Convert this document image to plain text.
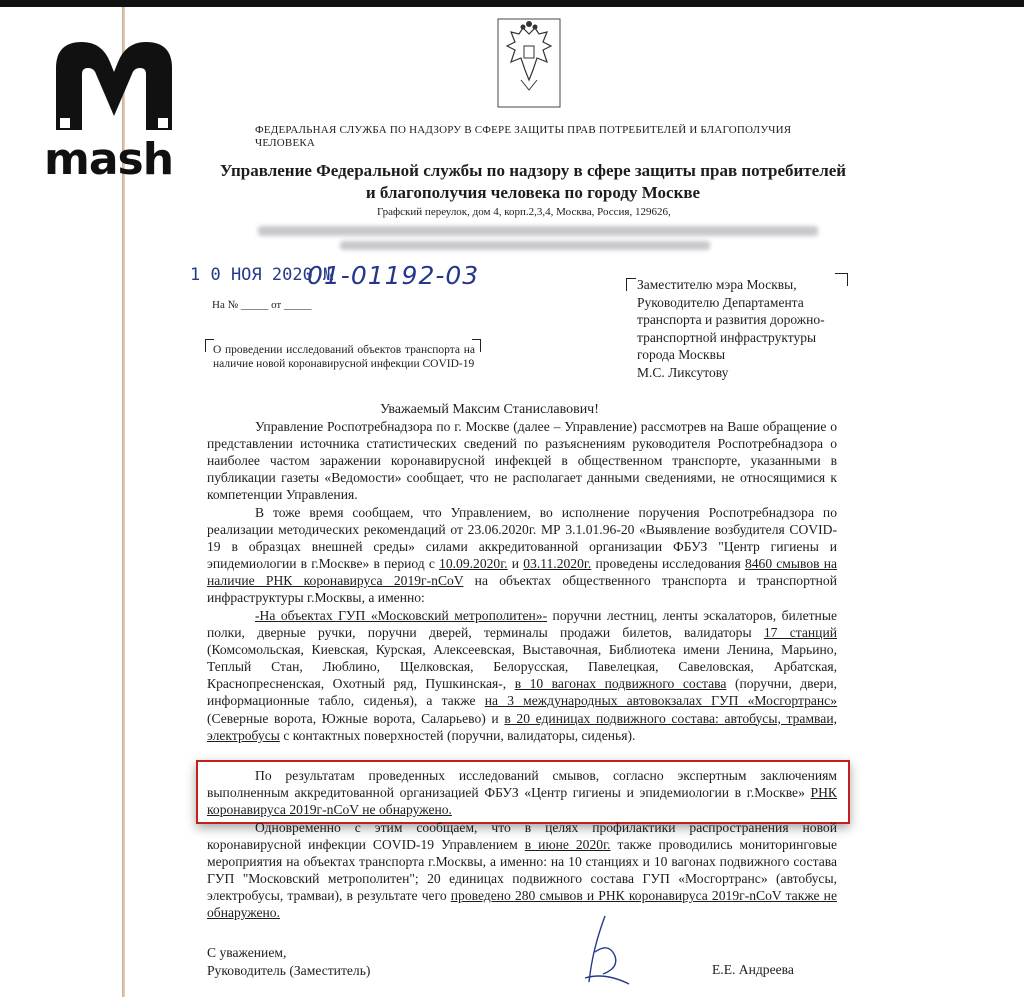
mash
ФЕДЕРАЛЬНАЯ СЛУЖБА ПО НАДЗОРУ В СФЕРЕ ЗАЩИТЫ ПРАВ ПОТРЕБИТЕЛЕЙ И БЛАГОПОЛУЧИЯ ЧЕЛОВЕКА
Управление Федеральной службы по надзору в сфере защиты прав потребителей и благополучия человека по городу Москве
Графский переулок, дом 4, корп.2,3,4, Москва, Россия, 129626,
1 0 НОЯ 2020 №
01-01192-03
На № _____ от _____
О проведении исследований объектов транспорта на наличие новой коронавирусной инфекции COVID-19
Заместителю мэра Москвы,
Руководителю Департамента
транспорта и развития дорожно-
транспортной инфраструктуры
города Москвы
М.С. Ликсутову
Уважаемый Максим Станиславович!

Управление Роспотребнадзора по г. Москве (далее – Управление) рассмотрев на Ваше обращение о представлении источника статистических сведений по разъяснениям руководителя Роспотребнадзора о наиболее частом заражении коронавирусной инфекцей в общественном транспорте, указанными в публикации газеты «Ведомости» сообщает, что не располагает данными сведениями, не относящимися к компетенции Управления.

В тоже время сообщаем, что Управлением, во исполнение поручения Роспотребнадзора по реализации методических рекомендаций от 23.06.2020г. МР 3.1.01.96-20 «Выявление возбудителя COVID-19 в образцах внешней среды» силами аккредитованной организации ФБУЗ "Центр гигиены и эпидемиологии в г.Москве» в период с 10.09.2020г. и 03.11.2020г. проведены исследования 8460 смывов на наличие РНК коронавируса 2019г-nCoV на объектах общественного транспорта и транспортной инфраструктуры г.Москвы, а именно:

-На объектах ГУП «Московский метрополитен»- поручни лестниц, ленты эскалаторов, билетные полки, дверные ручки, поручни дверей, терминалы продажи билетов, валидаторы 17 станций (Комсомольская, Киевская, Курская, Алексеевская, Выставочная, Библиотека имени Ленина, Марьино, Теплый Стан, Люблино, Щелковская, Белорусская, Павелецкая, Савеловская, Арбатская, Краснопресненская, Охотный ряд, Пушкинская-, в 10 вагонах подвижного состава (поручни, двери, информационные табло, сиденья), а также на 3 международных автовокзалах ГУП «Мосгортранс» (Северные ворота, Южные ворота, Саларьево) и в 20 единицах подвижного состава: автобусы, трамваи, электробусы с контактных поверхностей (поручни, валидаторы, сиденья).

По результатам проведенных исследований смывов, согласно экспертным заключениям выполненным аккредитованной организацией ФБУЗ «Центр гигиены и эпидемиологии в г.Москве» РНК коронавируса 2019г-nCoV не обнаружено.

Одновременно с этим сообщаем, что в целях профилактики распространения новой коронавирусной инфекции COVID-19 Управлением в июне 2020г. также проводились мониторинговые мероприятия на объектах транспорта г.Москвы, а именно: на 10 станциях и 10 вагонах подвижного состава ГУП "Московский метрополитен"; 20 единицах подвижного состава ГУП «Мосгортранс» (автобусы, электробусы, трамваи), в результате чего проведено 280 смывов и РНК коронавируса 2019г-nCoV также не обнаружено.

С уважением,
Руководитель (Заместитель)	Е.Е. Андреева
